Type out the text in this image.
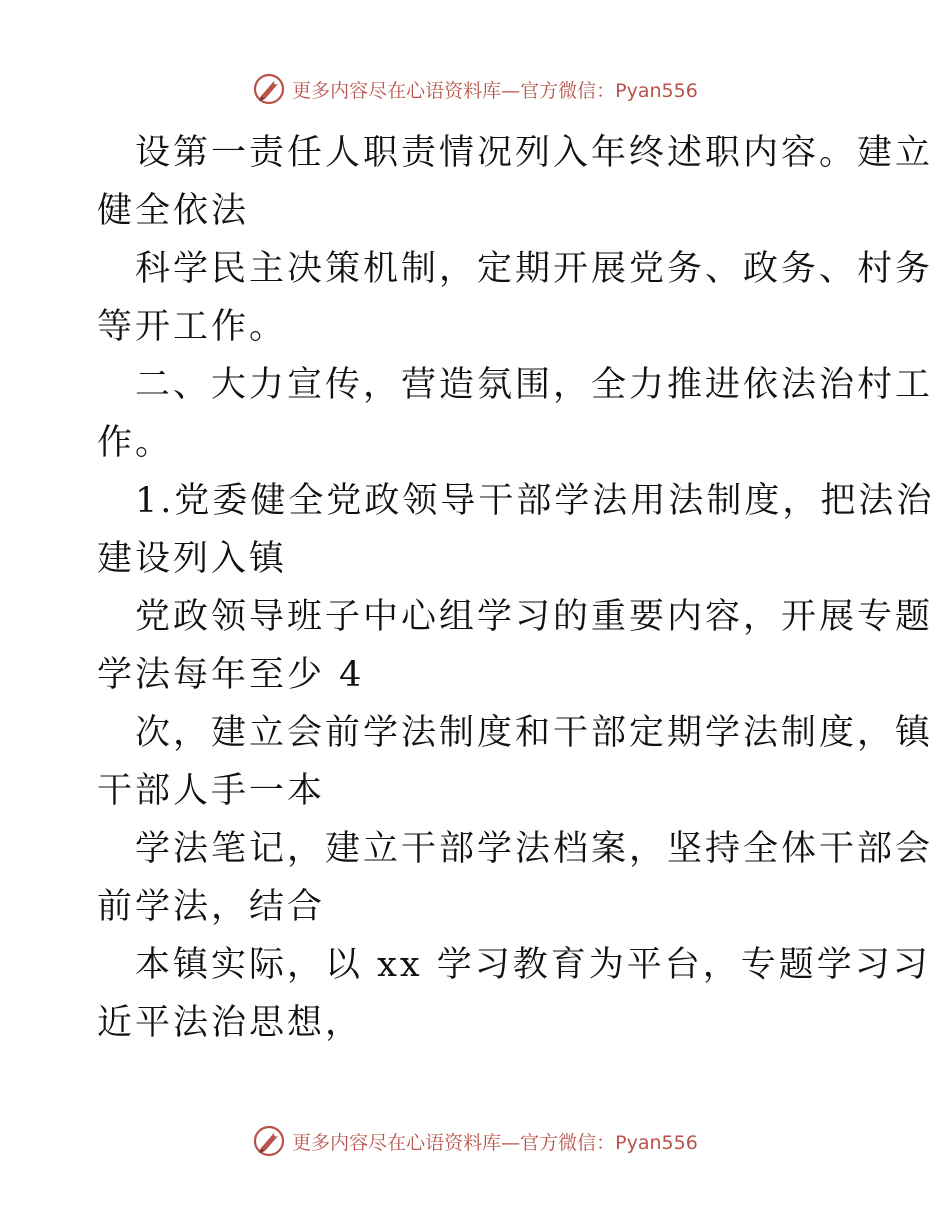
更多内容尽在心语资料库—官方微信：Pyan556

设第一责任人职责情况列入年终述职内容。建立

健全依法

科学民主决策机制，定期开展党务、政务、村务

等开工作。

二、大力宣传，营造氛围，全力推进依法治村工

作。

1.党委健全党政领导干部学法用法制度，把法治

建设列入镇

党政领导班子中心组学习的重要内容，开展专题

学法每年至少 4

次，建立会前学法制度和干部定期学法制度，镇

干部人手一本

学法笔记，建立干部学法档案，坚持全体干部会

前学法，结合

本镇实际，以 xx 学习教育为平台，专题学习习

近平法治思想，

更多内容尽在心语资料库—官方微信：Pyan556
